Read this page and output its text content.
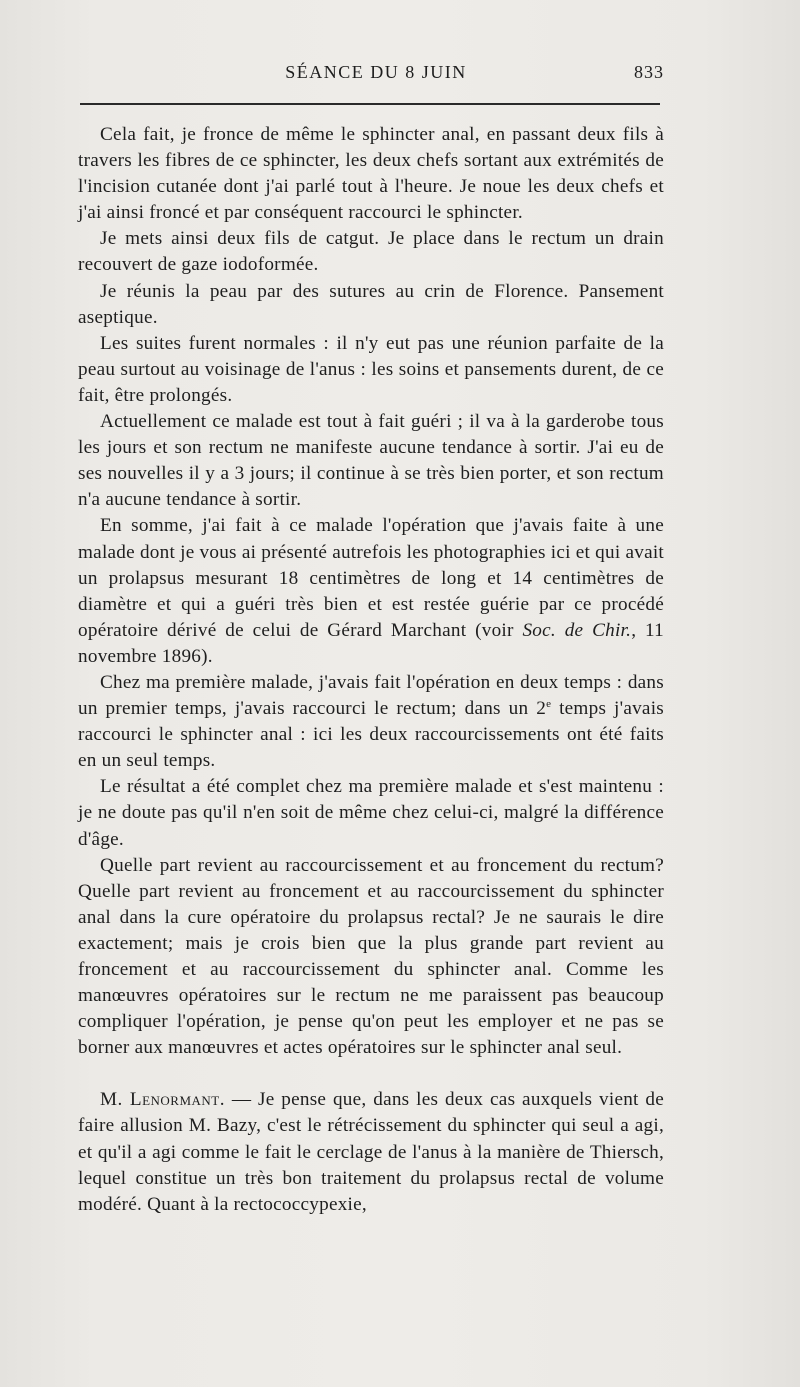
SÉANCE DU 8 JUIN	833

Cela fait, je fronce de même le sphincter anal, en passant deux fils à travers les fibres de ce sphincter, les deux chefs sortant aux extrémités de l'incision cutanée dont j'ai parlé tout à l'heure. Je noue les deux chefs et j'ai ainsi froncé et par conséquent raccourci le sphincter.

Je mets ainsi deux fils de catgut. Je place dans le rectum un drain recouvert de gaze iodoformée.

Je réunis la peau par des sutures au crin de Florence. Pansement aseptique.

Les suites furent normales : il n'y eut pas une réunion parfaite de la peau surtout au voisinage de l'anus : les soins et pansements durent, de ce fait, être prolongés.

Actuellement ce malade est tout à fait guéri ; il va à la garderobe tous les jours et son rectum ne manifeste aucune tendance à sortir. J'ai eu de ses nouvelles il y a 3 jours; il continue à se très bien porter, et son rectum n'a aucune tendance à sortir.

En somme, j'ai fait à ce malade l'opération que j'avais faite à une malade dont je vous ai présenté autrefois les photographies ici et qui avait un prolapsus mesurant 18 centimètres de long et 14 centimètres de diamètre et qui a guéri très bien et est restée guérie par ce procédé opératoire dérivé de celui de Gérard Marchant (voir Soc. de Chir., 11 novembre 1896).

Chez ma première malade, j'avais fait l'opération en deux temps : dans un premier temps, j'avais raccourci le rectum; dans un 2e temps j'avais raccourci le sphincter anal : ici les deux raccourcissements ont été faits en un seul temps.

Le résultat a été complet chez ma première malade et s'est maintenu : je ne doute pas qu'il n'en soit de même chez celui-ci, malgré la différence d'âge.

Quelle part revient au raccourcissement et au froncement du rectum? Quelle part revient au froncement et au raccourcissement du sphincter anal dans la cure opératoire du prolapsus rectal? Je ne saurais le dire exactement; mais je crois bien que la plus grande part revient au froncement et au raccourcissement du sphincter anal. Comme les manœuvres opératoires sur le rectum ne me paraissent pas beaucoup compliquer l'opération, je pense qu'on peut les employer et ne pas se borner aux manœuvres et actes opératoires sur le sphincter anal seul.

M. Lenormant. — Je pense que, dans les deux cas auxquels vient de faire allusion M. Bazy, c'est le rétrécissement du sphincter qui seul a agi, et qu'il a agi comme le fait le cerclage de l'anus à la manière de Thiersch, lequel constitue un très bon traitement du prolapsus rectal de volume modéré. Quant à la rectococcypexie,
